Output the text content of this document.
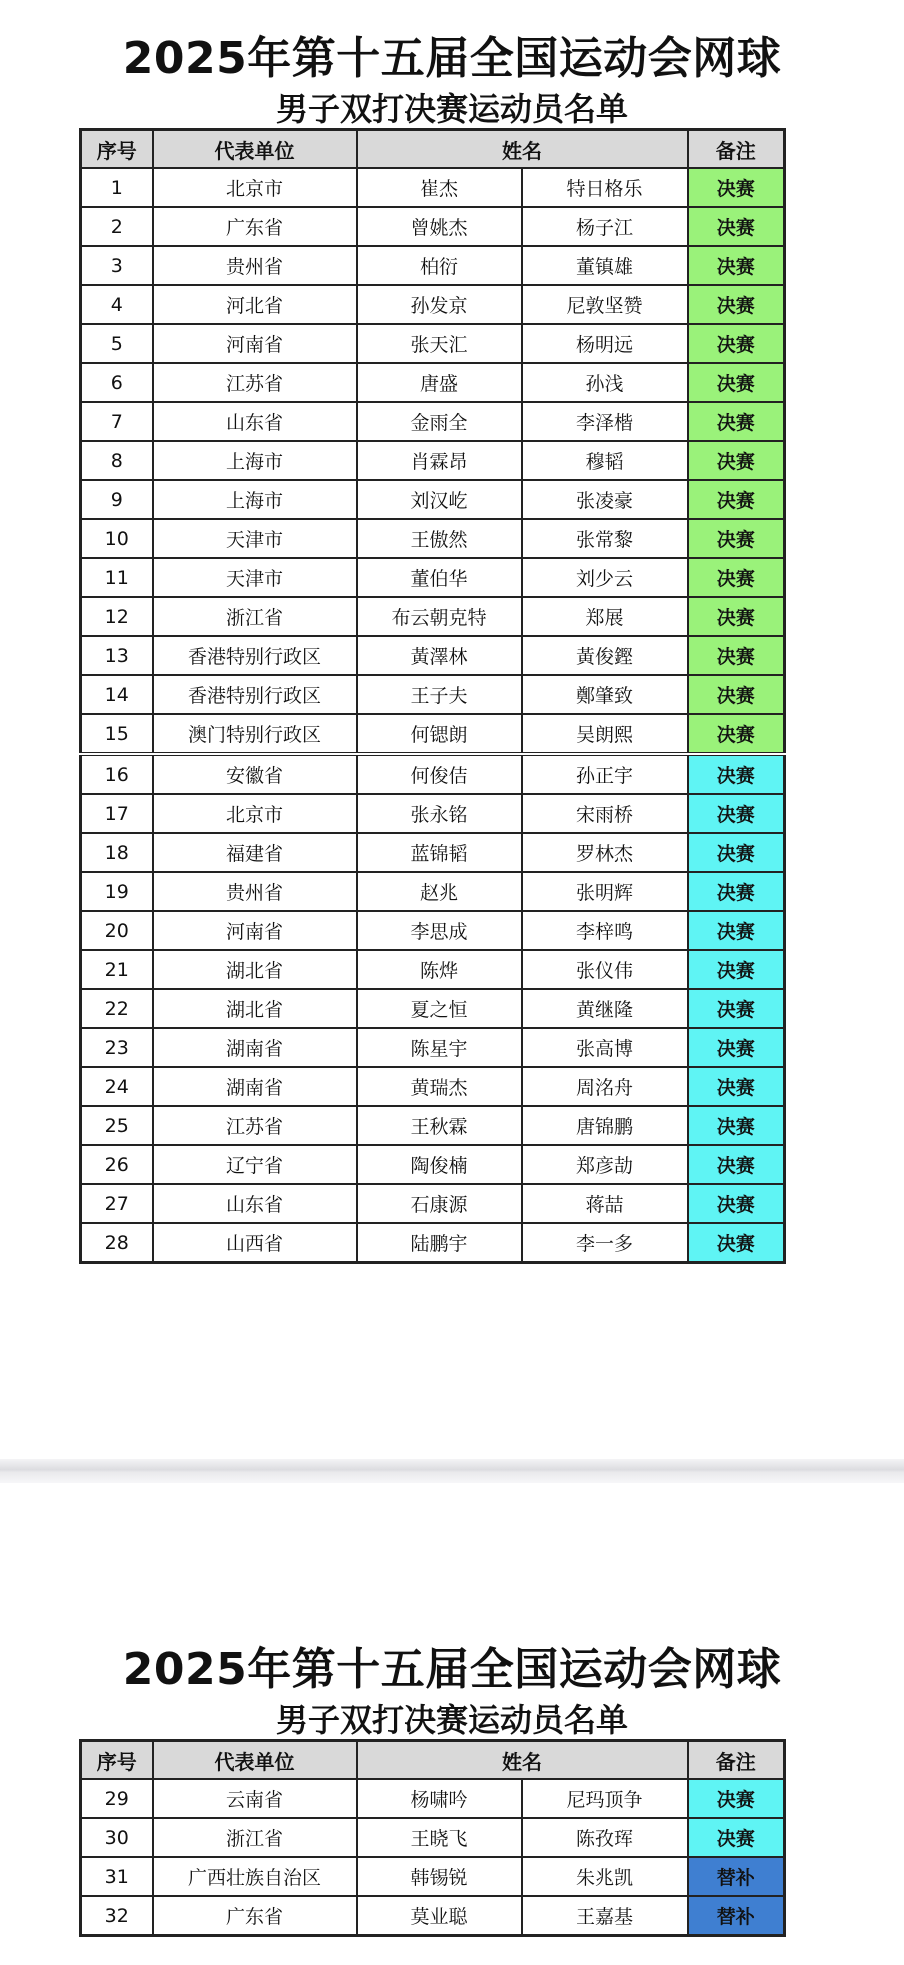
2025年第十五届全国运动会网球
男子双打决赛运动员名单
序号	代表单位	姓名		备注
1	北京市	崔杰	特日格乐	决赛
2	广东省	曾姚杰	杨子江	决赛
3	贵州省	柏衍	董镇雄	决赛
4	河北省	孙发京	尼敦坚赞	决赛
5	河南省	张天汇	杨明远	决赛
6	江苏省	唐盛	孙浅	决赛
7	山东省	金雨全	李泽楷	决赛
8	上海市	肖霖昂	穆韬	决赛
9	上海市	刘汉屹	张凌豪	决赛
10	天津市	王傲然	张常黎	决赛
11	天津市	董伯华	刘少云	决赛
12	浙江省	布云朝克特	郑展	决赛
13	香港特别行政区	黃澤林	黃俊鏗	决赛
14	香港特别行政区	王子夫	鄭肇致	决赛
15	澳门特别行政区	何锶朗	吴朗熙	决赛
16	安徽省	何俊佶	孙正宇	决赛
17	北京市	张永铭	宋雨桥	决赛
18	福建省	蓝锦韬	罗林杰	决赛
19	贵州省	赵兆	张明辉	决赛
20	河南省	李思成	李梓鸣	决赛
21	湖北省	陈烨	张仪伟	决赛
22	湖北省	夏之恒	黄继隆	决赛
23	湖南省	陈星宇	张高博	决赛
24	湖南省	黄瑞杰	周洺舟	决赛
25	江苏省	王秋霖	唐锦鹏	决赛
26	辽宁省	陶俊楠	郑彦劼	决赛
27	山东省	石康源	蒋喆	决赛
28	山西省	陆鹏宇	李一多	决赛
2025年第十五届全国运动会网球
男子双打决赛运动员名单
序号	代表单位	姓名		备注
29	云南省	杨啸吟	尼玛顶争	决赛
30	浙江省	王晓飞	陈孜珲	决赛
31	广西壮族自治区	韩锡锐	朱兆凯	替补
32	广东省	莫业聪	王嘉基	替补
